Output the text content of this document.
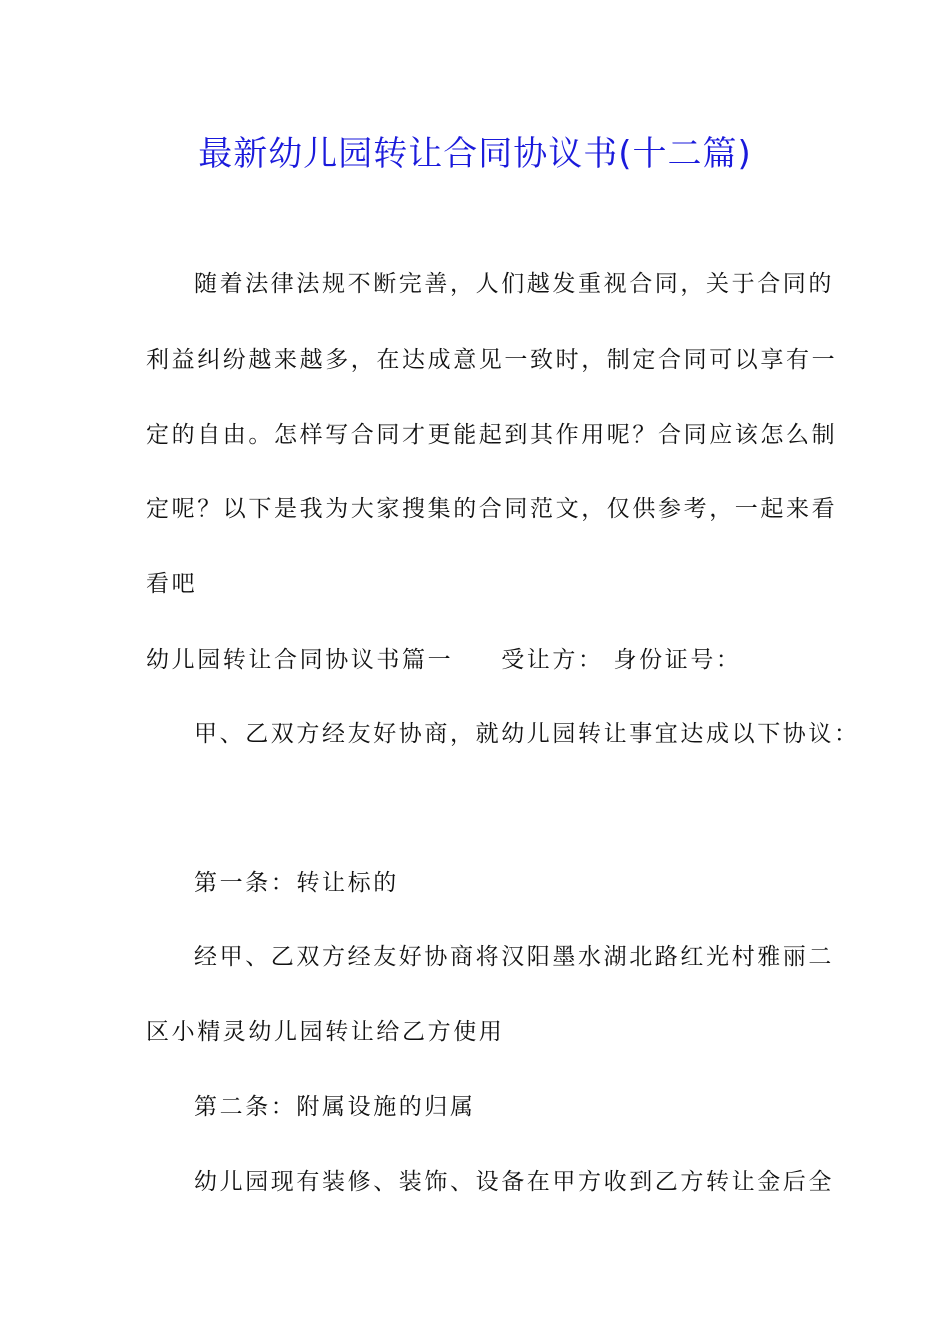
最新幼儿园转让合同协议书(十二篇)
随着法律法规不断完善，人们越发重视合同，关于合同的
利益纠纷越来越多，在达成意见一致时，制定合同可以享有一
定的自由。怎样写合同才更能起到其作用呢？合同应该怎么制
定呢？以下是我为大家搜集的合同范文，仅供参考，一起来看
看吧
幼儿园转让合同协议书篇一 受让方： 身份证号：
甲、乙双方经友好协商，就幼儿园转让事宜达成以下协议：
第一条：转让标的
经甲、乙双方经友好协商将汉阳墨水湖北路红光村雅丽二
区小精灵幼儿园转让给乙方使用
第二条：附属设施的归属
幼儿园现有装修、装饰、设备在甲方收到乙方转让金后全
